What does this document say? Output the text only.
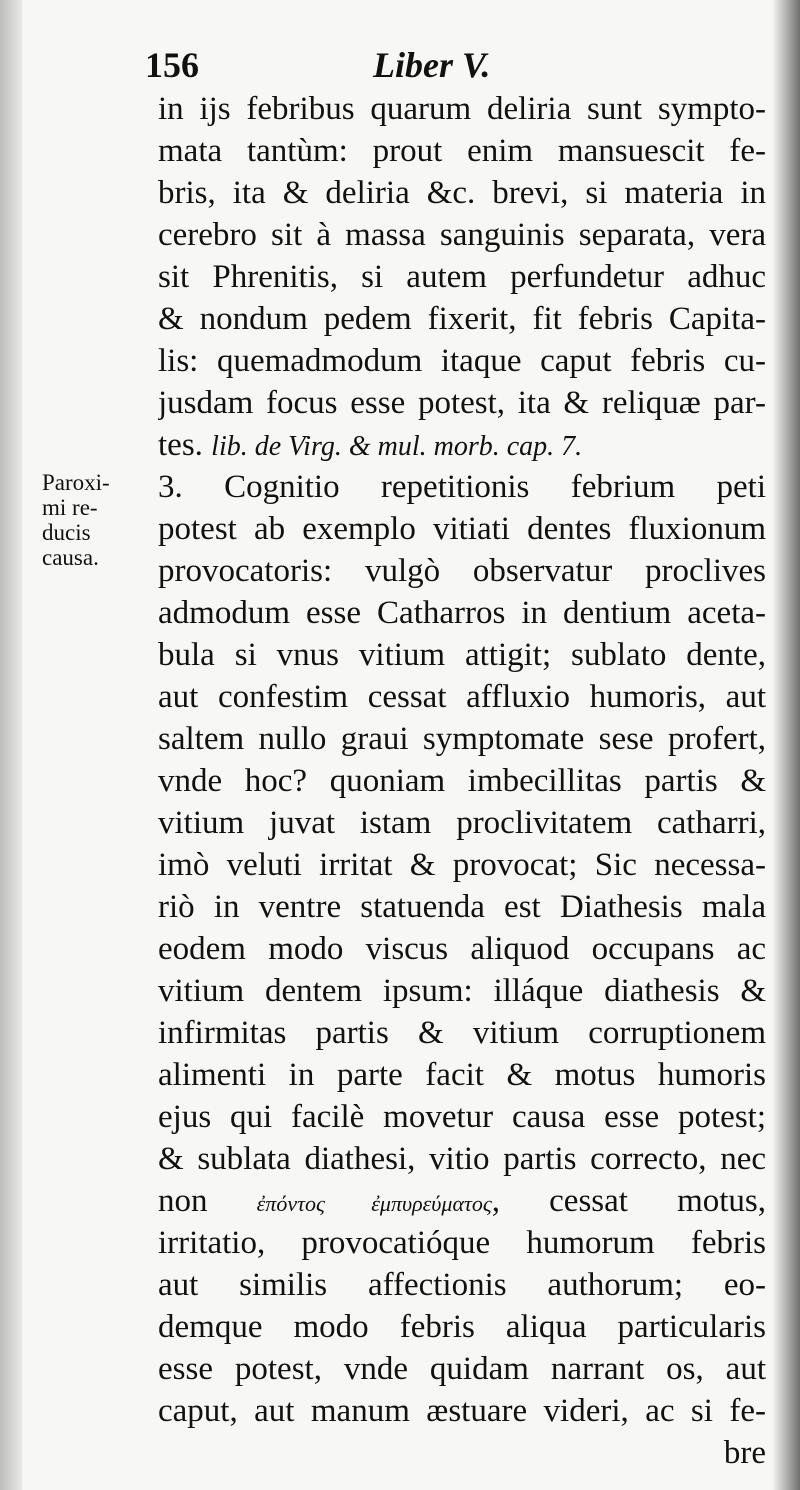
156	Liber V.
Paroxi-
mi re-
ducis
causa.
in ijs febribus quarum deliria sunt sympto-
mata tantùm: prout enim mansuescit fe-
bris, ita & deliria &c. brevi, si materia in
cerebro sit à massa sanguinis separata, vera
sit Phrenitis, si autem perfundetur adhuc
& nondum pedem fixerit, fit febris Capita-
lis: quemadmodum itaque caput febris cu-
jusdam focus esse potest, ita & reliquæ par-
tes. lib. de Virg. & mul. morb. cap. 7.
3. Cognitio repetitionis febrium peti
potest ab exemplo vitiati dentes fluxionum
provocatoris: vulgò observatur proclives
admodum esse Catharros in dentium aceta-
bula si vnus vitium attigit; sublato dente,
aut confestim cessat affluxio humoris, aut
saltem nullo graui symptomate sese profert,
vnde hoc? quoniam imbecillitas partis &
vitium juvat istam proclivitatem catharri,
imò veluti irritat & provocat; Sic necessa-
riò in ventre statuenda est Diathesis mala
eodem modo viscus aliquod occupans ac
vitium dentem ipsum: illáque diathesis &
infirmitas partis & vitium corruptionem
alimenti in parte facit & motus humoris
ejus qui facilè movetur causa esse potest;
& sublata diathesi, vitio partis correcto, nec
non ἐπόντος ἐμπυρεύματος, cessat motus,
irritatio, provocatióque humorum febris
aut similis affectionis authorum; eo-
demque modo febris aliqua particularis
esse potest, vnde quidam narrant os, aut
caput, aut manum æstuare videri, ac si fe-
bre
